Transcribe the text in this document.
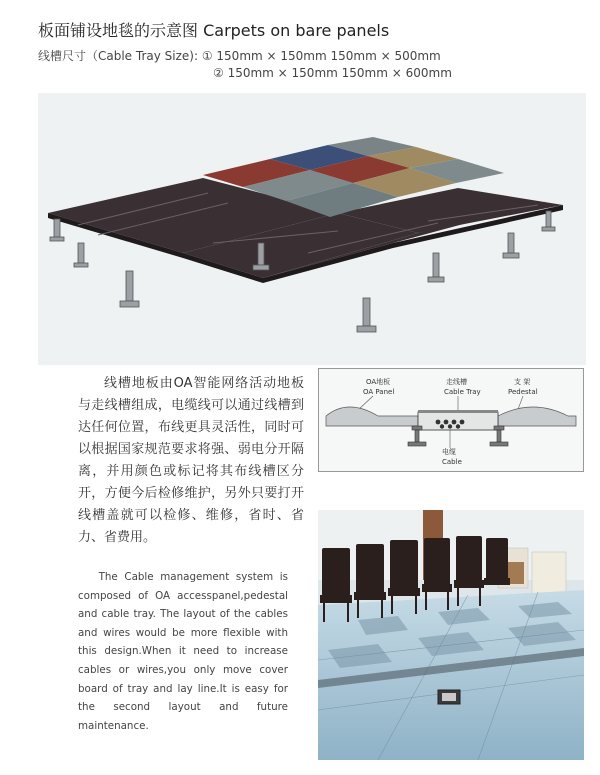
板面铺设地毯的示意图 Carpets on bare panels
线槽尺寸（Cable Tray Size): ① 150mm × 150mm 150mm × 500mm
② 150mm × 150mm 150mm × 600mm
线槽地板由OA智能网络活动地板与走线槽组成，电缆线可以通过线槽到达任何位置，布线更具灵活性，同时可以根据国家规范要求将强、弱电分开隔离，并用颜色或标记将其布线槽区分开，方便今后检修维护，另外只要打开线槽盖就可以检修、维修，省时、省力、省费用。
OA地板
OA Panel
走线槽
Cable Tray
支 架
Pedestal
电缆
Cable
The Cable management system is composed of OA accesspanel,pedestal and cable tray. The layout of the cables and wires would be more flexible with this design.When it need to increase cables or wires,you only move cover board of tray and lay line.It is easy for the second layout and future maintenance.
